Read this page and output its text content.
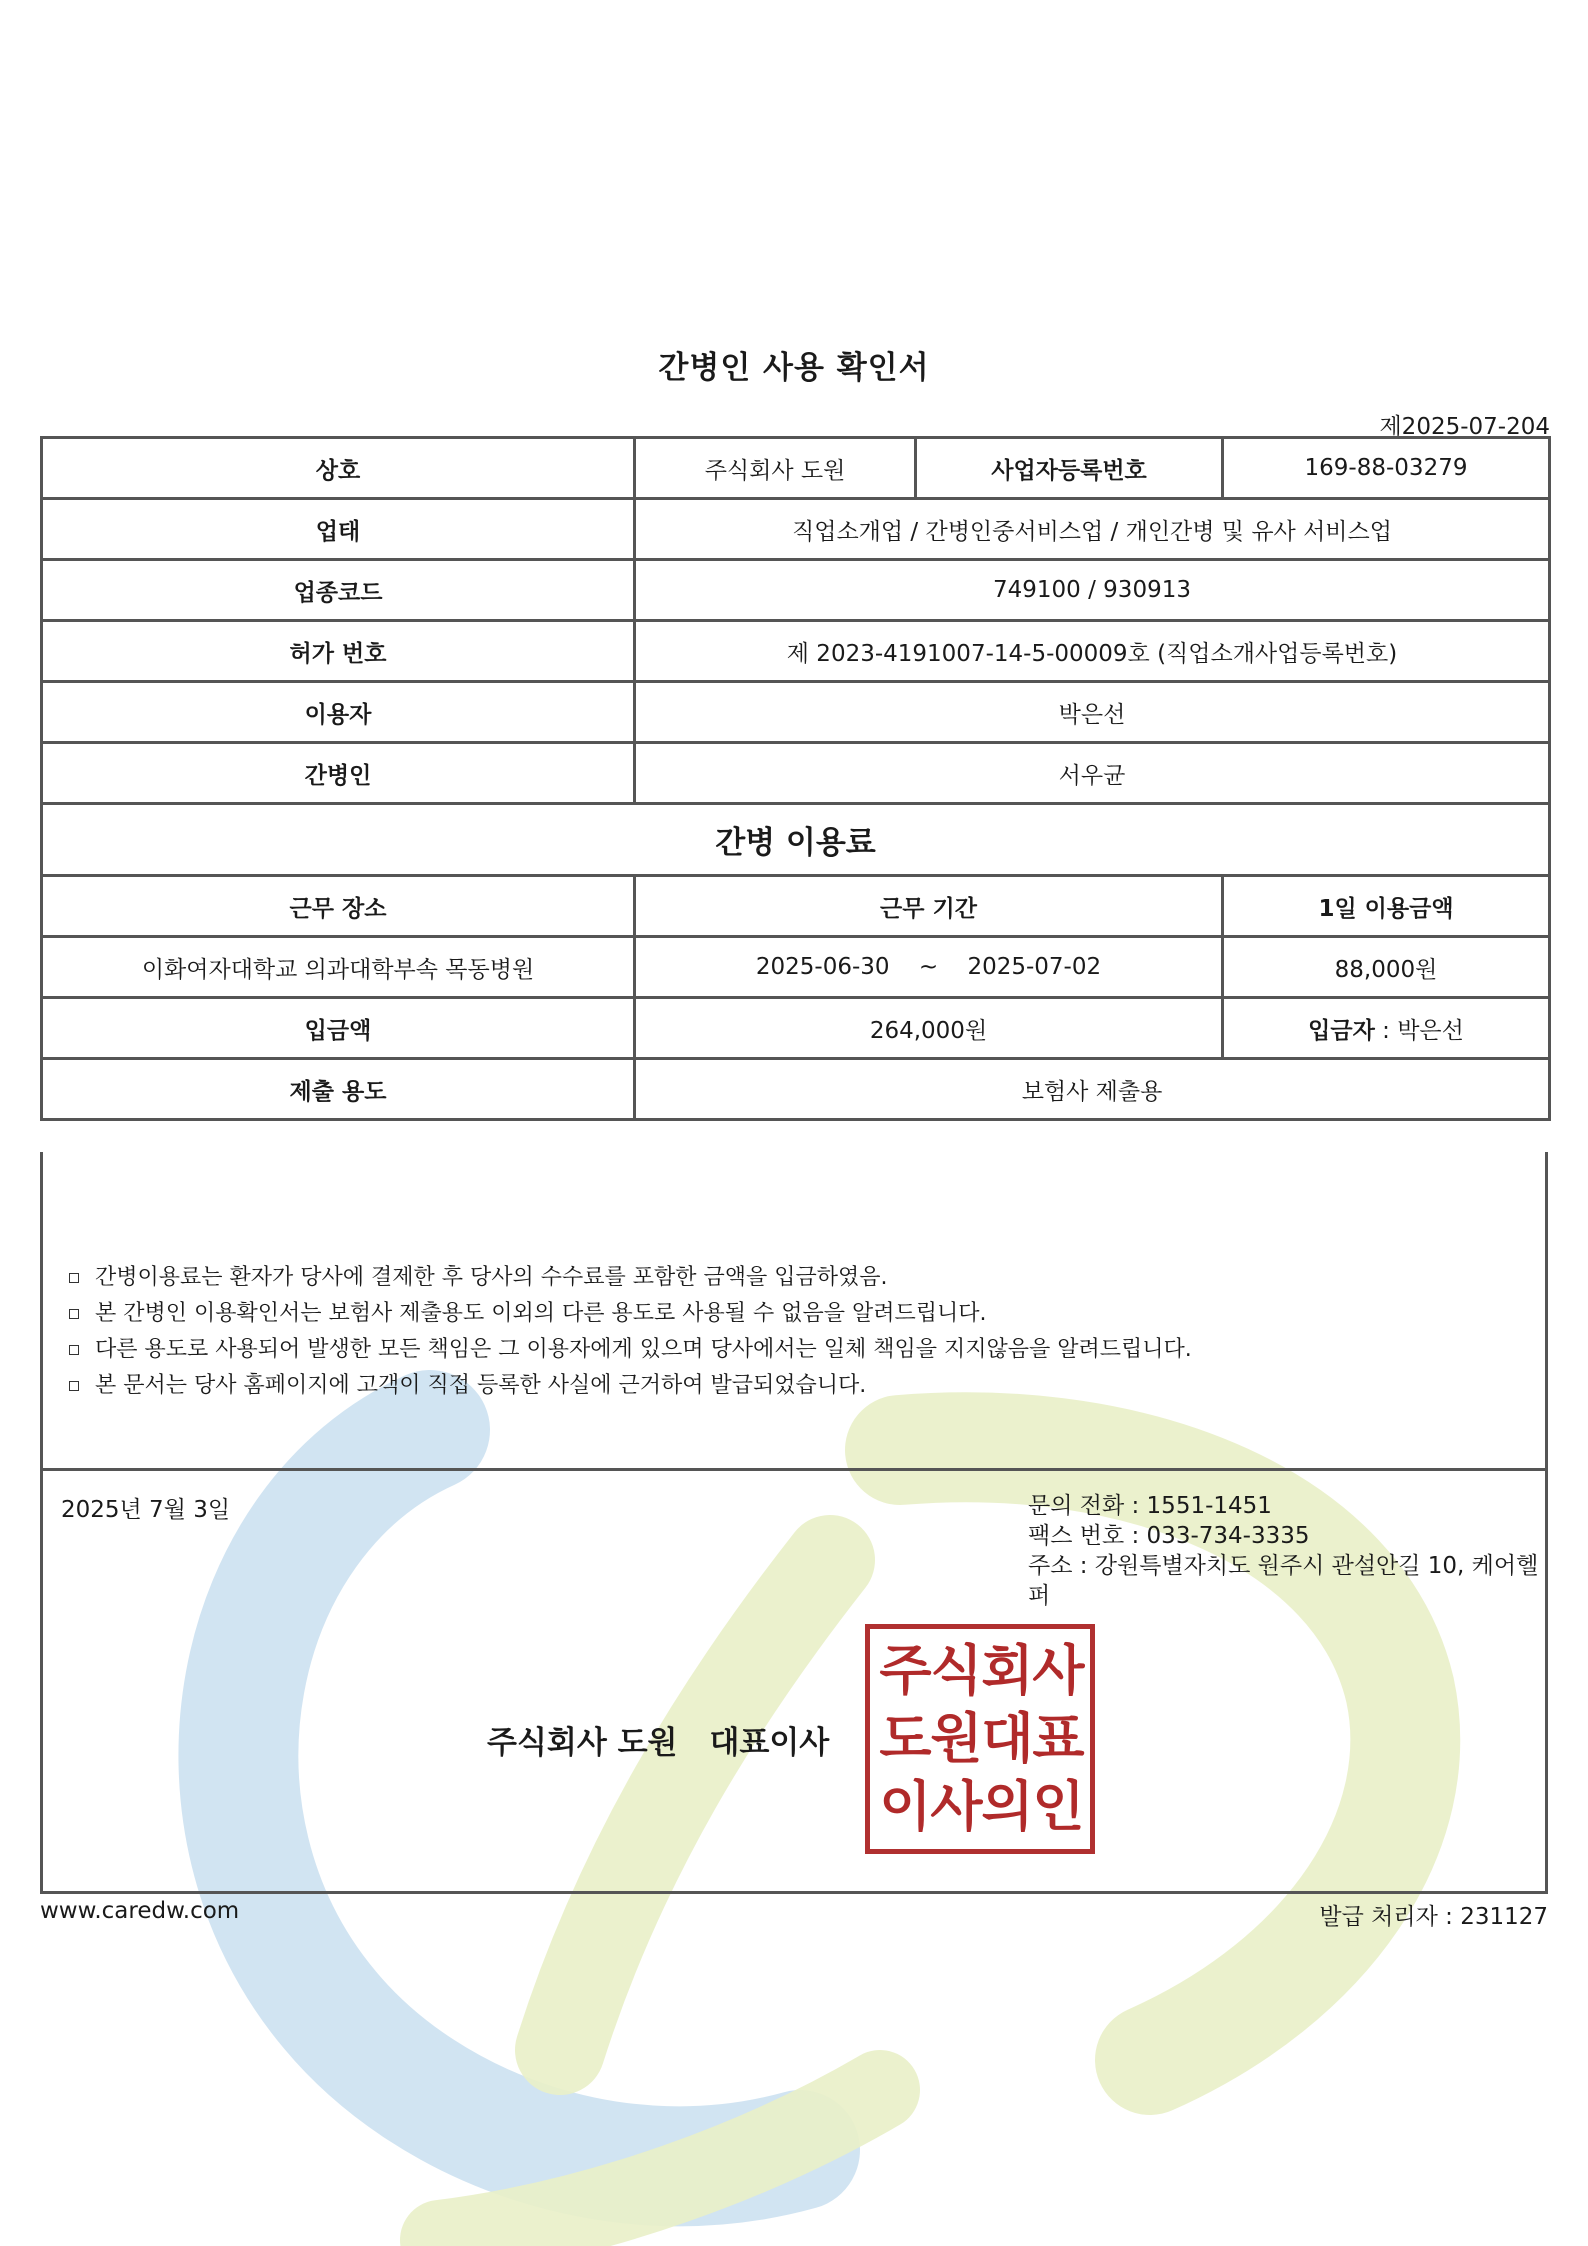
간병인 사용 확인서
제2025-07-204
상호	주식회사 도원	사업자등록번호	169-88-03279
업태	직업소개업 / 간병인중서비스업 / 개인간병 및 유사 서비스업		
업종코드	749100 / 930913		
허가 번호	제 2023-4191007-14-5-00009호 (직업소개사업등록번호)		
이용자	박은선		
간병인	서우균		
간병 이용료			
근무 장소	근무 기간		1일 이용금액
이화여자대학교 의과대학부속 목동병원	2025-06-30 ~ 2025-07-02		88,000원
입금액	264,000원		입금자 : 박은선
제출 용도	보험사 제출용		
간병이용료는 환자가 당사에 결제한 후 당사의 수수료를 포함한 금액을 입금하였음.
본 간병인 이용확인서는 보험사 제출용도 이외의 다른 용도로 사용될 수 없음을 알려드립니다.
다른 용도로 사용되어 발생한 모든 책임은 그 이용자에게 있으며 당사에서는 일체 책임을 지지않음을 알려드립니다.
본 문서는 당사 홈페이지에 고객이 직접 등록한 사실에 근거하여 발급되었습니다.
2025년 7월 3일	문의 전화 : 1551-1451
팩스 번호 : 033-734-3335
주소 : 강원특별자치도 원주시 관설안길 10, 케어헬퍼
주식회사 도원 대표이사
주 식 회 사
도 원 대 표
이 사 의 인
www.caredw.com	발급 처리자 : 231127
